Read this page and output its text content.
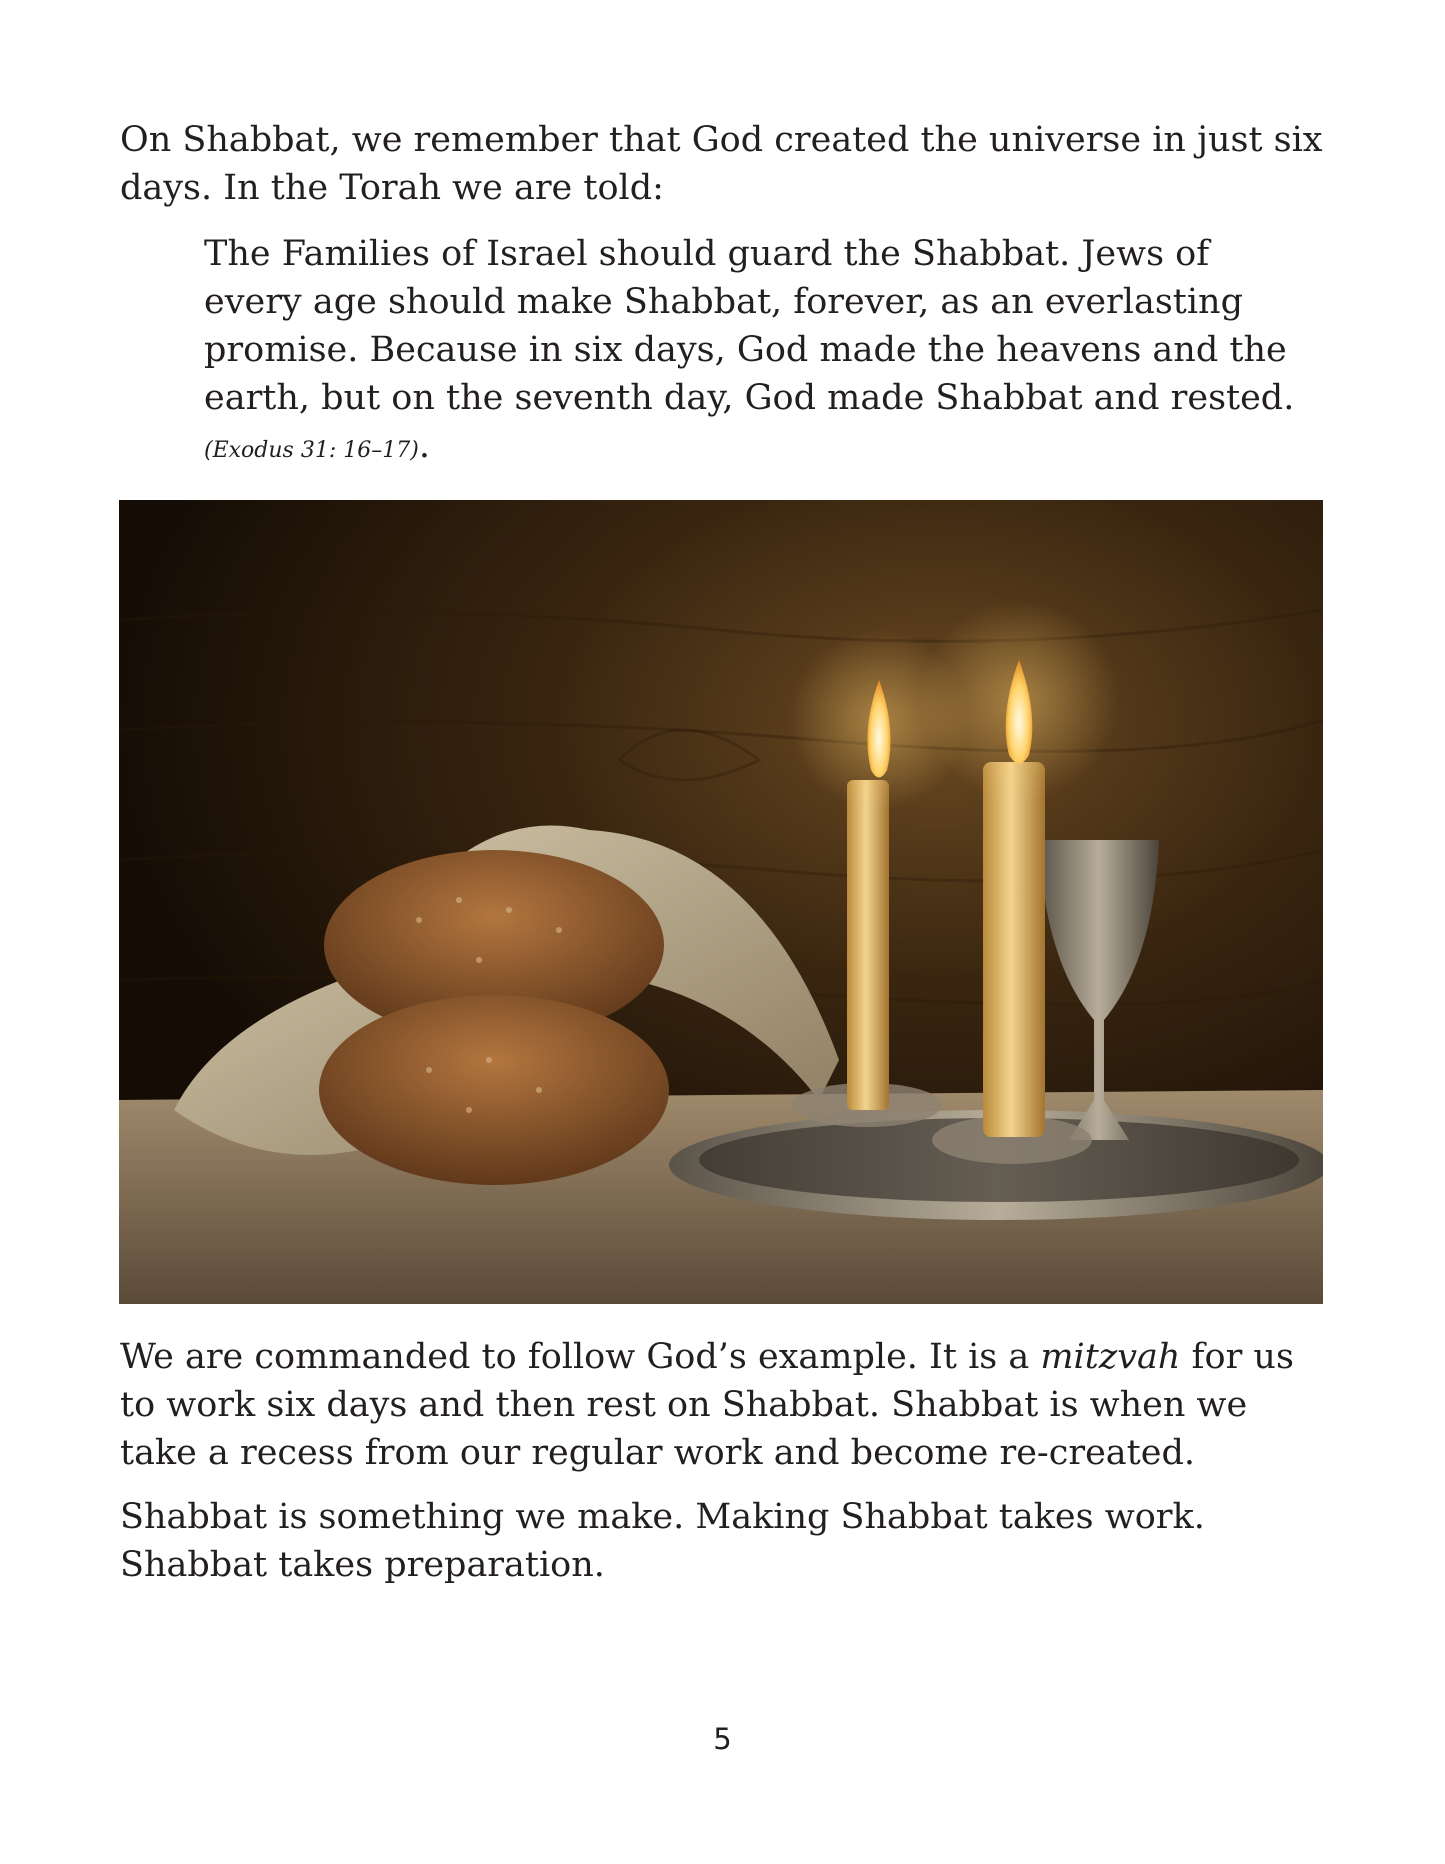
On Shabbat, we remember that God created the universe in just six days. In the Torah we are told:

The Families of Israel should guard the Shabbat. Jews of every age should make Shabbat, forever, as an everlasting promise. Because in six days, God made the heavens and the earth, but on the seventh day, God made Shabbat and rested. (Exodus 31: 16–17).

We are commanded to follow God’s example. It is a mitzvah for us to work six days and then rest on Shabbat. Shabbat is when we take a recess from our regular work and become re-created.

Shabbat is something we make. Making Shabbat takes work. Shabbat takes preparation.

5
